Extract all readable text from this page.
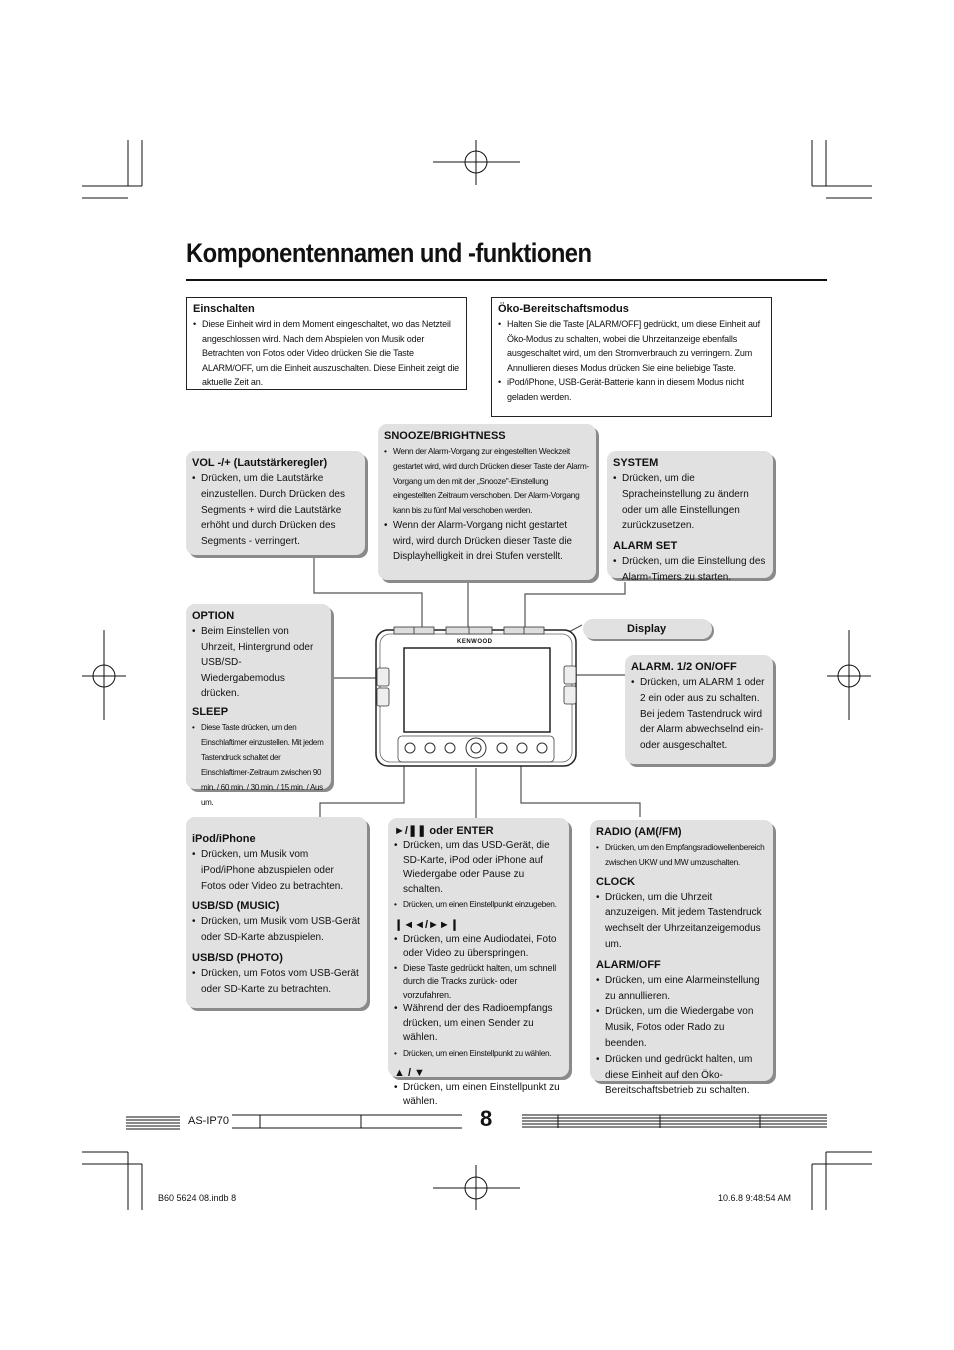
KENWOOD
Komponentennamen und -funktionen
Einschalten
• Diese Einheit wird in dem Moment eingeschaltet, wo das Netzteil angeschlossen wird. Nach dem Abspielen von Musik oder Betrachten von Fotos oder Video drücken Sie die Taste ALARM/OFF, um die Einheit auszuschalten. Diese Einheit zeigt die aktuelle Zeit an.
Öko-Bereitschaftsmodus
• Halten Sie die Taste [ALARM/OFF] gedrückt, um diese Einheit auf Öko-Modus zu schalten, wobei die Uhrzeitanzeige ebenfalls ausgeschaltet wird, um den Stromverbrauch zu verringern. Zum Annullieren dieses Modus drücken Sie eine beliebige Taste.
• iPod/iPhone, USB-Gerät-Batterie kann in diesem Modus nicht geladen werden.
VOL -/+ (Lautstärkeregler)
• Drücken, um die Lautstärke einzustellen. Durch Drücken des Segments + wird die Lautstärke erhöht und durch Drücken des Segments - verringert.
SNOOZE/BRIGHTNESS
• Wenn der Alarm-Vorgang zur eingestellten Weckzeit gestartet wird, wird durch Drücken dieser Taste der Alarm-Vorgang um den mit der „Snooze"-Einstellung eingestellten Zeitraum verschoben. Der Alarm-Vorgang kann bis zu fünf Mal verschoben werden.
• Wenn der Alarm-Vorgang nicht gestartet wird, wird durch Drücken dieser Taste die Displayhelligkeit in drei Stufen verstellt.
SYSTEM
• Drücken, um die Spracheinstellung zu ändern oder um alle Einstellungen zurückzusetzen.
ALARM SET
• Drücken, um die Einstellung des Alarm-Timers zu starten.
OPTION
• Beim Einstellen von Uhrzeit, Hintergrund oder USB/SD-Wiedergabemodus drücken.
SLEEP
• Diese Taste drücken, um den Einschlaftimer einzustellen. Mit jedem Tastendruck schaltet der Einschlaftimer-Zeitraum zwischen 90 min. / 60 min. / 30 min. / 15 min. / Aus um.
Display
ALARM. 1/2 ON/OFF
• Drücken, um ALARM 1 oder 2 ein oder aus zu schalten. Bei jedem Tastendruck wird der Alarm abwechselnd ein- oder ausgeschaltet.
iPod/iPhone
• Drücken, um Musik vom iPod/iPhone abzuspielen oder Fotos oder Video zu betrachten.
USB/SD (MUSIC)
• Drücken, um Musik vom USB-Gerät oder SD-Karte abzuspielen.
USB/SD (PHOTO)
• Drücken, um Fotos vom USB-Gerät oder SD-Karte zu betrachten.
►/❚❚ oder ENTER
• Drücken, um das USD-Gerät, die SD-Karte, iPod oder iPhone auf Wiedergabe oder Pause zu schalten.
• Drücken, um einen Einstellpunkt einzugeben.
❙◄◄/►►❙
• Drücken, um eine Audiodatei, Foto oder Video zu überspringen.
• Diese Taste gedrückt halten, um schnell durch die Tracks zurück- oder vorzufahren.
• Während der des Radioempfangs drücken, um einen Sender zu wählen.
• Drücken, um einen Einstellpunkt zu wählen.
▲ / ▼
• Drücken, um einen Einstellpunkt zu wählen.
RADIO (AM(/FM)
• Drücken, um den Empfangsradiowellenbereich zwischen UKW und MW umzuschalten.
CLOCK
• Drücken, um die Uhrzeit anzuzeigen. Mit jedem Tastendruck wechselt der Uhrzeitanzeigemodus um.
ALARM/OFF
• Drücken, um eine Alarmeinstellung zu annullieren.
• Drücken, um die Wiedergabe von Musik, Fotos oder Rado zu beenden.
• Drücken und gedrückt halten, um diese Einheit auf den Öko-Bereitschaftsbetrieb zu schalten.
AS-IP70	8
B60 5624 08.indb 8	10.6.8 9:48:54 AM
